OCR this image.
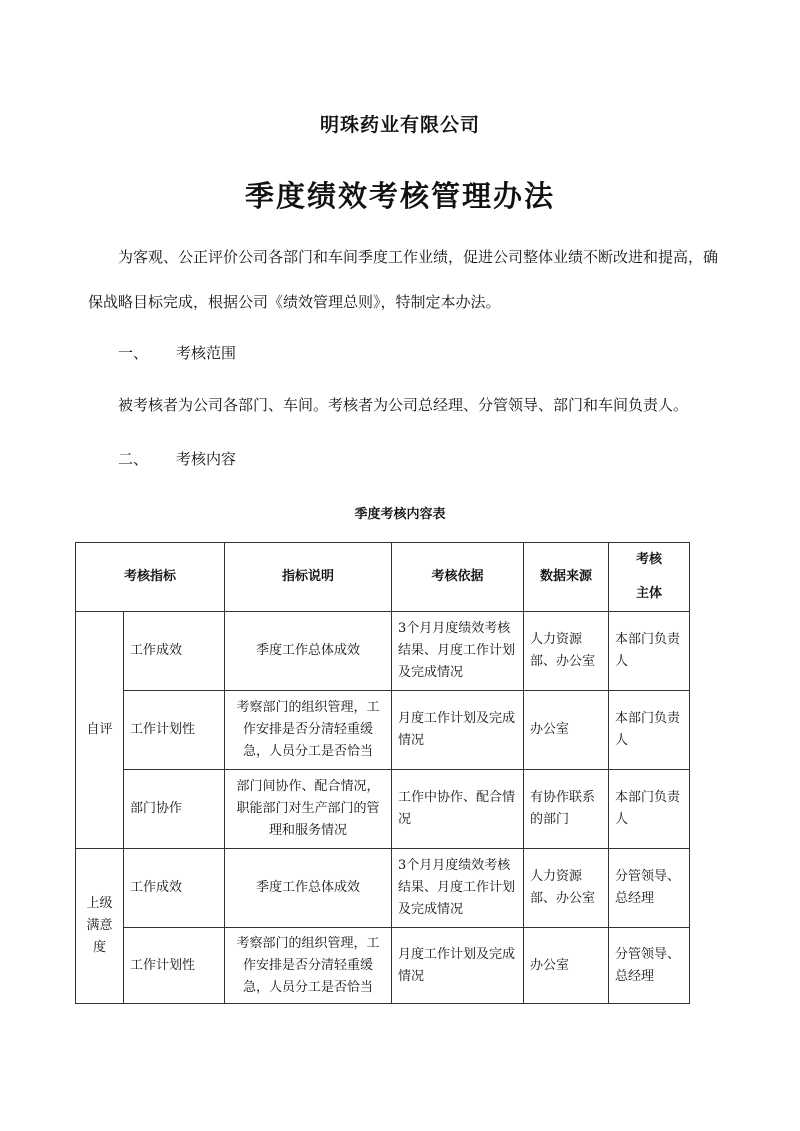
明珠药业有限公司
季度绩效考核管理办法
为客观、公正评价公司各部门和车间季度工作业绩，促进公司整体业绩不断改进和提高，确保战略目标完成，根据公司《绩效管理总则》，特制定本办法。
一、 考核范围
被考核者为公司各部门、车间。考核者为公司总经理、分管领导、部门和车间负责人。
二、 考核内容
季度考核内容表
考核指标		指标说明	考核依据	数据来源	考核
主体

自评	工作成效	季度工作总体成效	3个月月度绩效考核结果、月度工作计划及完成情况	人力资源部、办公室	本部门负责人
	工作计划性	考察部门的组织管理，工作安排是否分清轻重缓急，人员分工是否恰当	月度工作计划及完成情况	办公室	本部门负责人
	部门协作	部门间协作、配合情况，职能部门对生产部门的管理和服务情况	工作中协作、配合情况	有协作联系的部门	本部门负责人

上级
满意
度	工作成效	季度工作总体成效	3个月月度绩效考核结果、月度工作计划及完成情况	人力资源部、办公室	分管领导、总经理
	工作计划性	考察部门的组织管理，工作安排是否分清轻重缓急，人员分工是否恰当	月度工作计划及完成情况	办公室	分管领导、总经理
